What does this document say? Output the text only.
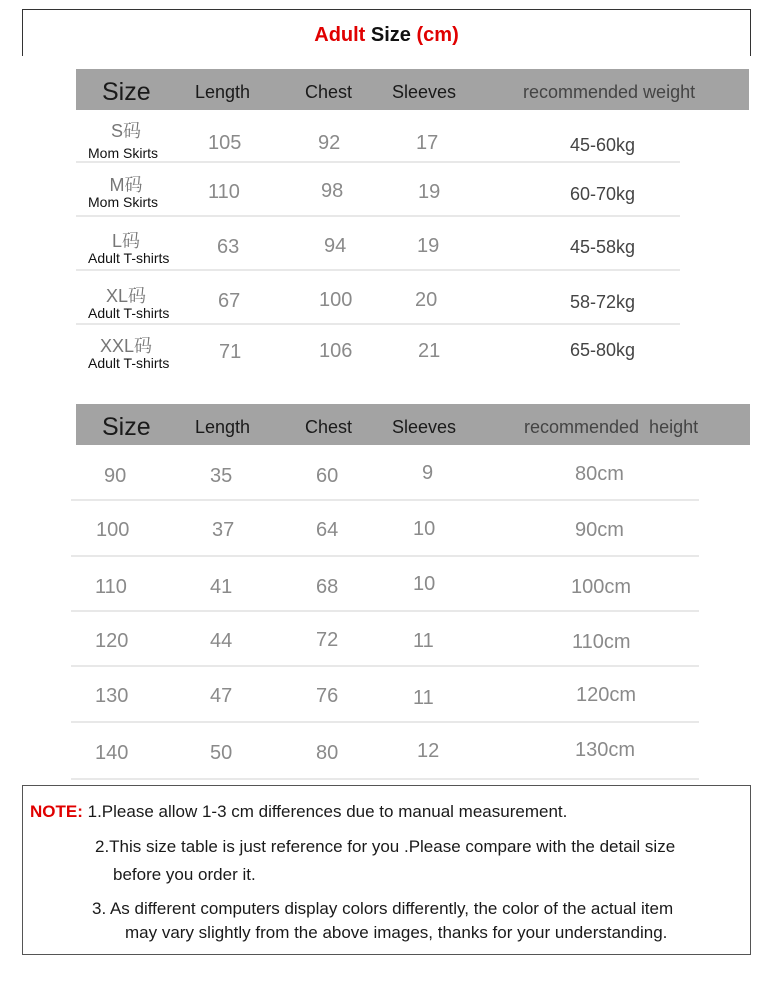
Adult Size (cm)
Size Length	Chest Sleeves	recommended weight
S码
Mom Skirts	105	92	17	45-60kg
M码
Mom Skirts	110	98	19	60-70kg
L码
Adult T-shirts 63	94	19	45-58kg
XL码
Adult T-shirts
67	100	20	58-72kg
XXL码
Adult T-shirts 71	106	21	65-80kg
Size Length	Chest Sleeves	recommended  height
90	35	60	9	80cm
100	37	64	10	90cm
110	41	68	10	100cm
120	44	72	11	110cm
130	47	76	11	120cm
140	50	80	12	130cm
NOTE: 1.Please allow 1-3 cm differences due to manual measurement.
2.This size table is just reference for you .Please compare with the detail size
before you order it.
3. As different computers display colors differently, the color of the actual item
may vary slightly from the above images, thanks for your understanding.
